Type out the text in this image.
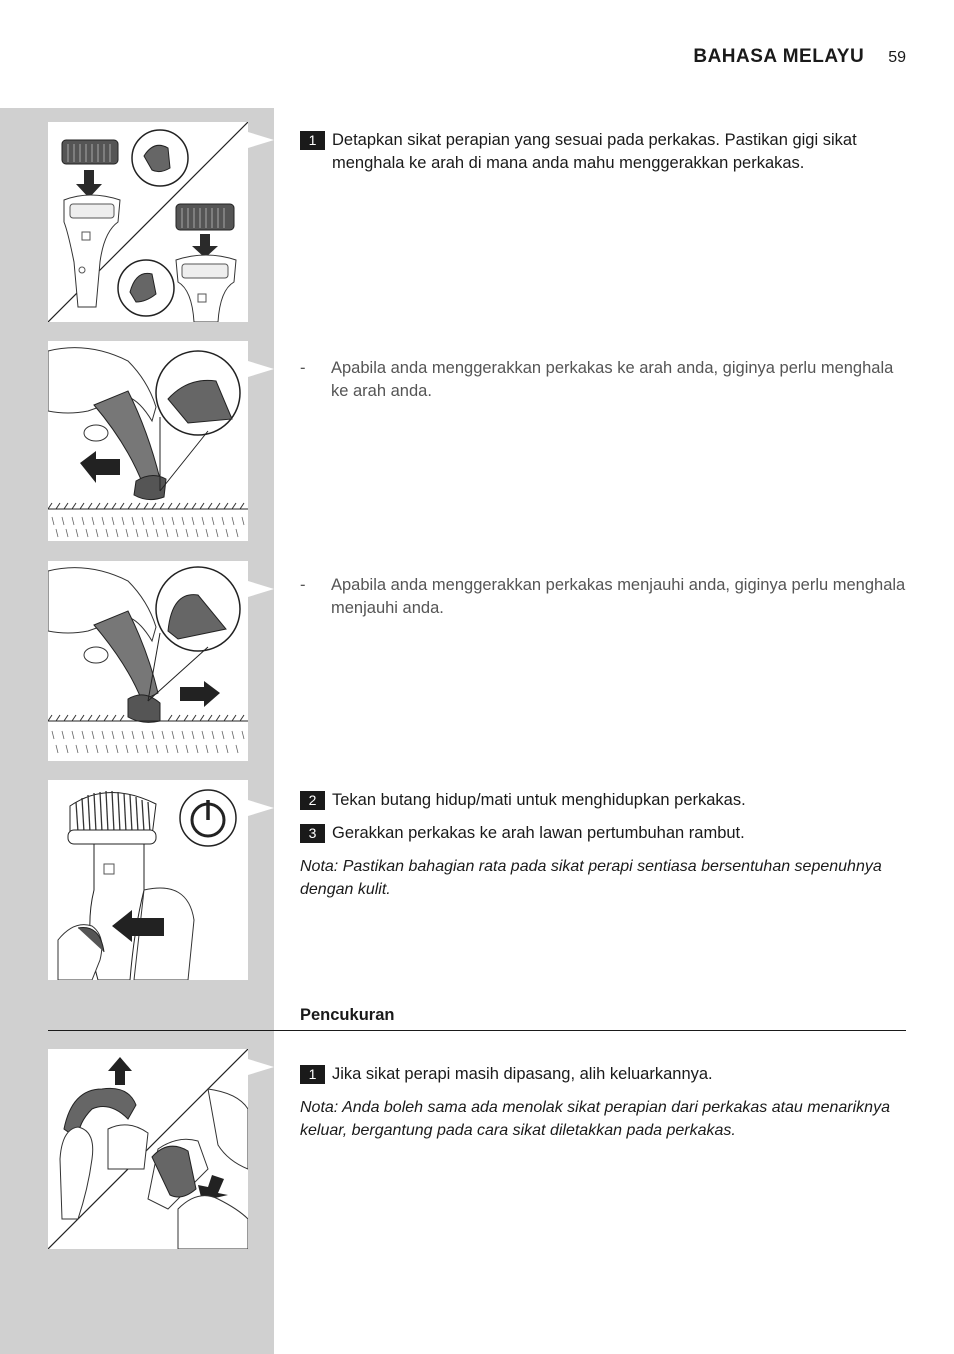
BAHASA MELAYU 59
1 Detapkan sikat perapian yang sesuai pada perkakas. Pastikan gigi sikat menghala ke arah di mana anda mahu menggerakkan perkakas.
-	Apabila anda menggerakkan perkakas ke arah anda, giginya perlu menghala ke arah anda.
-	Apabila anda menggerakkan perkakas menjauhi anda, giginya perlu menghala menjauhi anda.
2 Tekan butang hidup/mati untuk menghidupkan perkakas.
3 Gerakkan perkakas ke arah lawan pertumbuhan rambut.
Nota: Pastikan bahagian rata pada sikat perapi sentiasa bersentuhan sepenuhnya dengan kulit.
Pencukuran
1 Jika sikat perapi masih dipasang, alih keluarkannya.
Nota: Anda boleh sama ada menolak sikat perapian dari perkakas atau menariknya keluar, bergantung pada cara sikat diletakkan pada perkakas.
